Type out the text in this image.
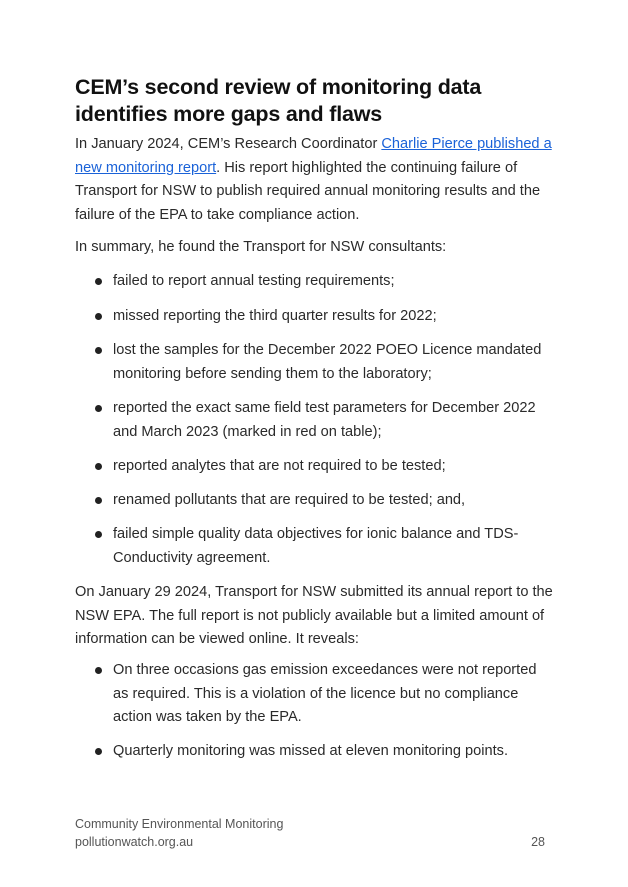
CEM’s second review of monitoring data identifies more gaps and flaws

In January 2024, CEM’s Research Coordinator Charlie Pierce published a new monitoring report. His report highlighted the continuing failure of Transport for NSW to publish required annual monitoring results and the failure of the EPA to take compliance action.

In summary, he found the Transport for NSW consultants:

failed to report annual testing requirements;
missed reporting the third quarter results for 2022;
lost the samples for the December 2022 POEO Licence mandated monitoring before sending them to the laboratory;
reported the exact same field test parameters for December 2022 and March 2023 (marked in red on table);
reported analytes that are not required to be tested;
renamed pollutants that are required to be tested; and,
failed simple quality data objectives for ionic balance and TDS-Conductivity agreement.

On January 29 2024, Transport for NSW submitted its annual report to the NSW EPA. The full report is not publicly available but a limited amount of information can be viewed online. It reveals:

On three occasions gas emission exceedances were not reported as required. This is a violation of the licence but no compliance action was taken by the EPA.
Quarterly monitoring was missed at eleven monitoring points.
Community Environmental Monitoring
pollutionwatch.org.au	28
